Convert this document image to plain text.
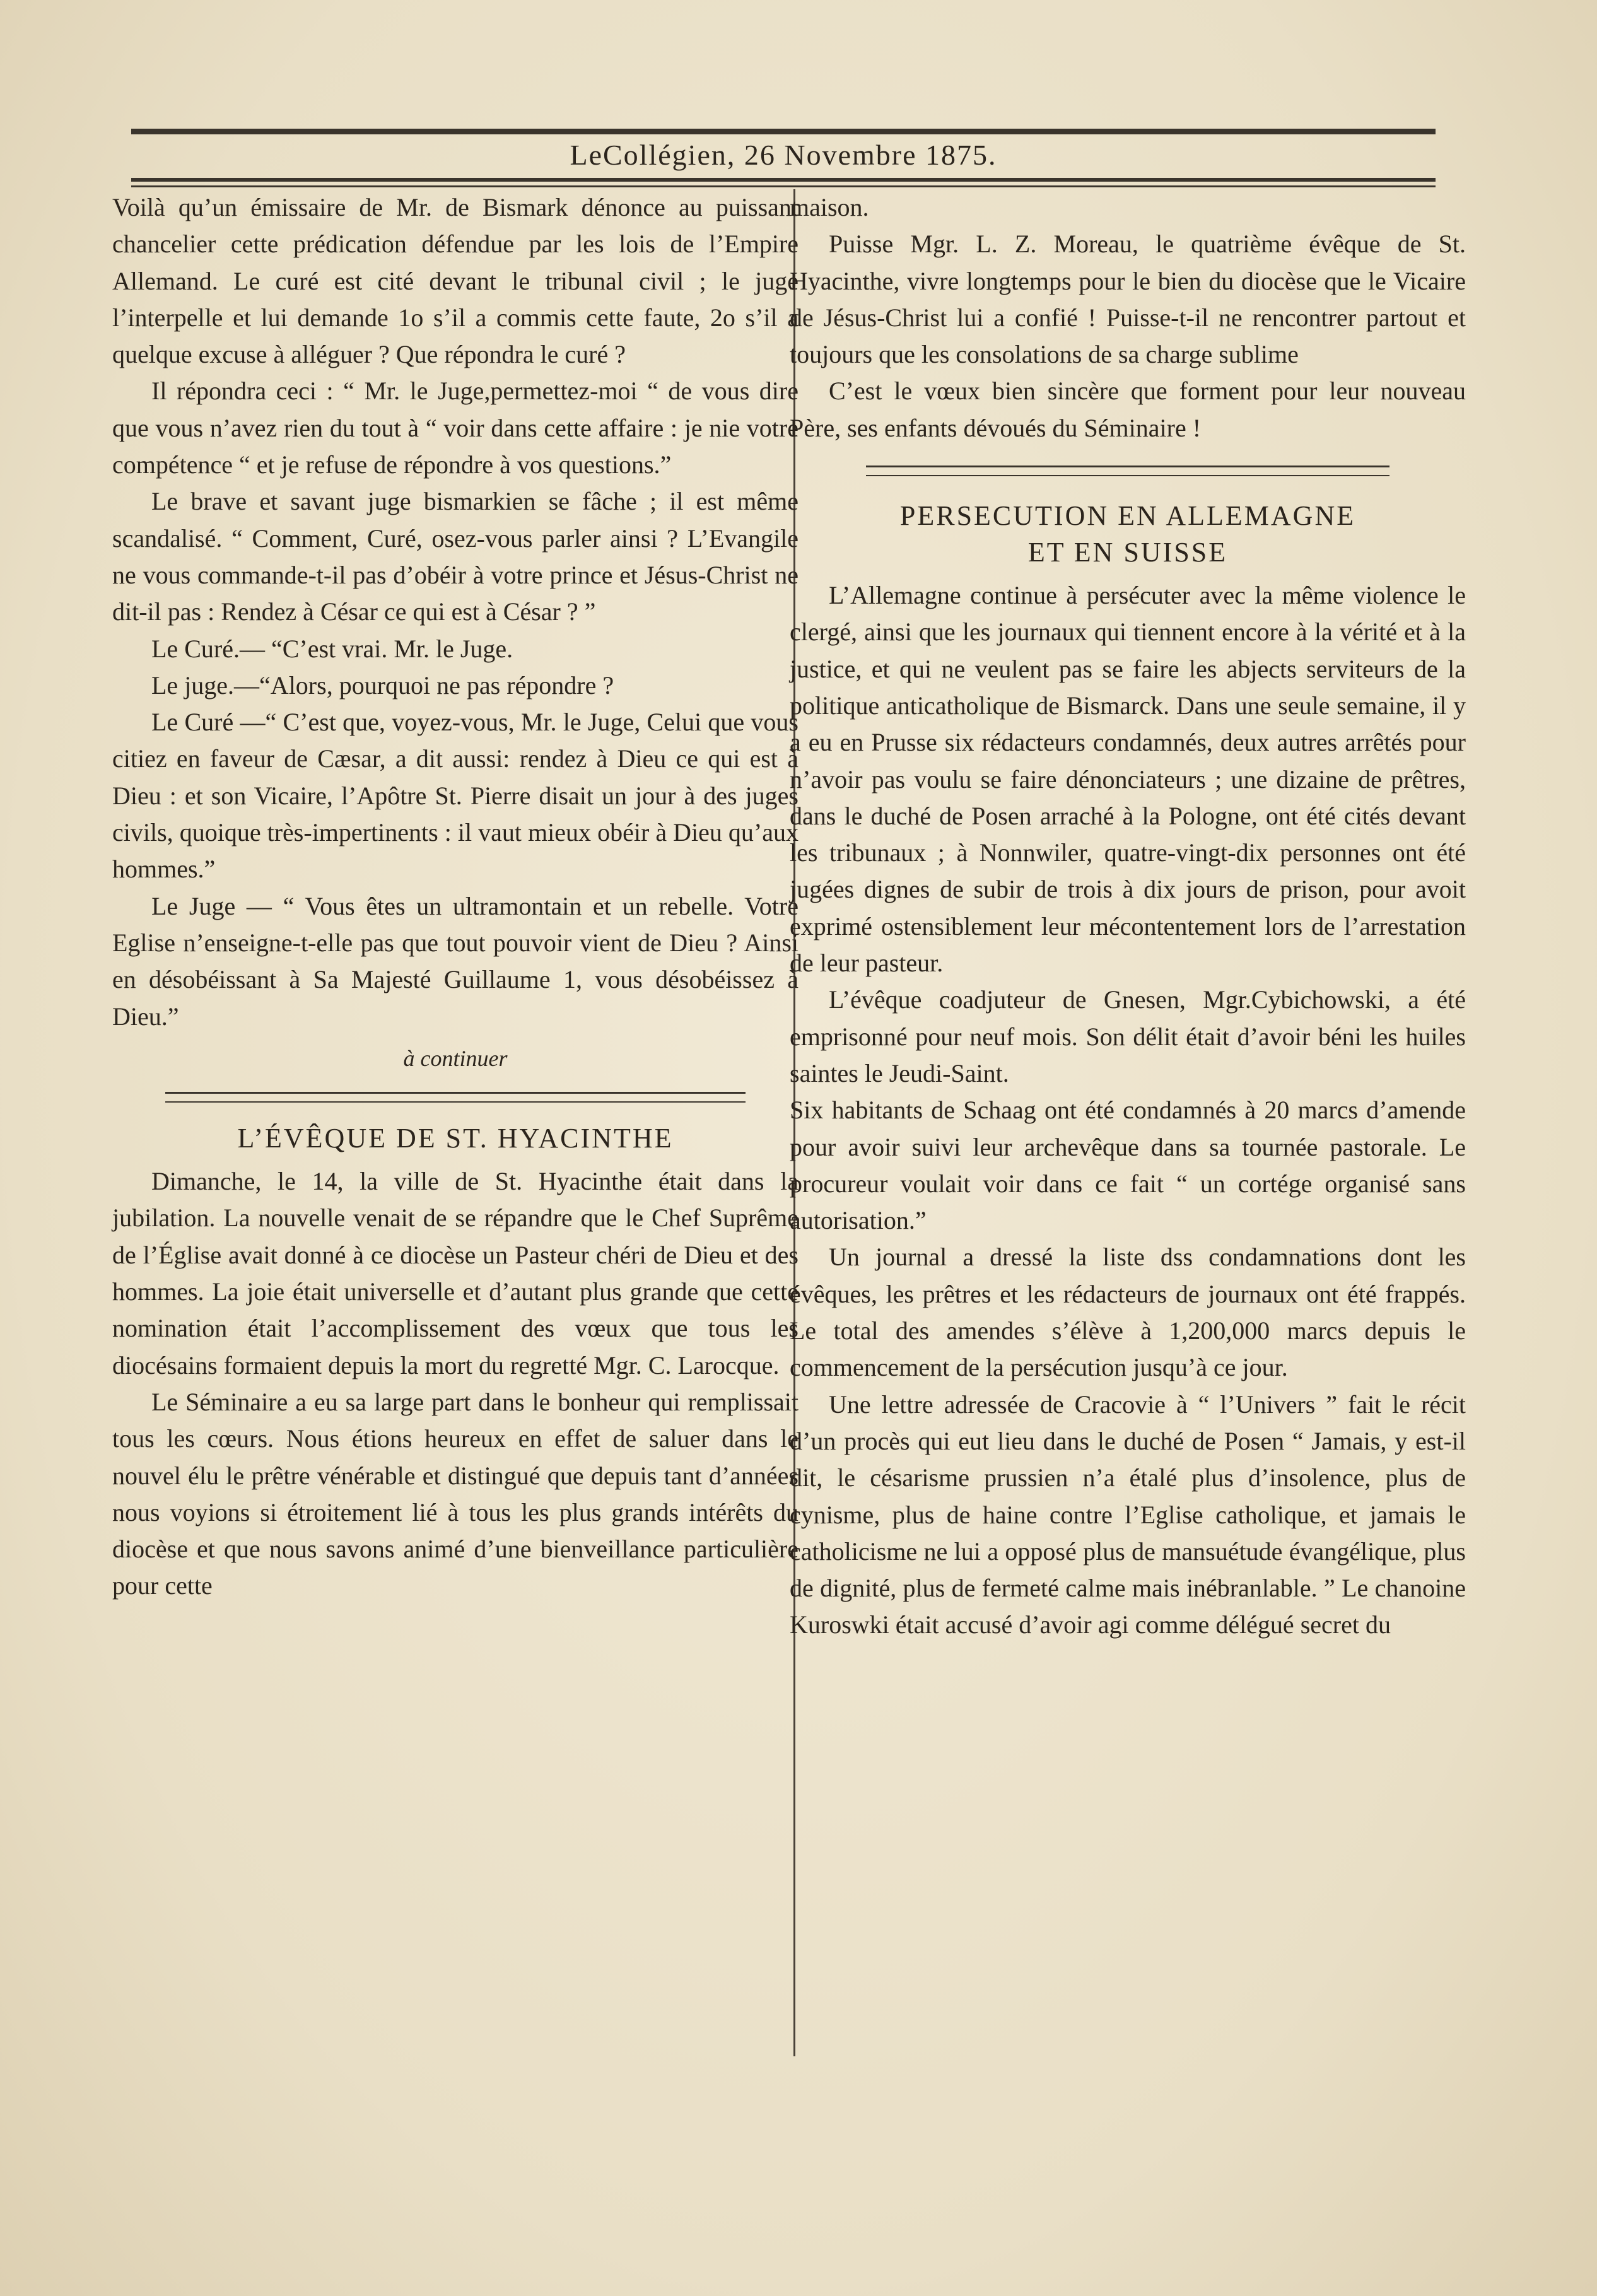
LeCollégien, 26 Novembre 1875.

Voilà qu’un émissaire de Mr. de Bismark dénonce au puissant chancelier cette prédication défendue par les lois de l’Empire Allemand. Le curé est cité devant le tribunal civil ; le juge l’interpelle et lui demande 1o s’il a commis cette faute, 2o s’il a quelque excuse à alléguer ? Que répondra le curé ?

Il répondra ceci : “ Mr. le Juge,permettez-moi “ de vous dire que vous n’avez rien du tout à “ voir dans cette affaire : je nie votre compétence “ et je refuse de répondre à vos questions.”

Le brave et savant juge bismarkien se fâche ; il est même scandalisé. “ Comment, Curé, osez-vous parler ainsi ? L’Evangile ne vous commande-t-il pas d’obéir à votre prince et Jésus-Christ ne dit-il pas : Rendez à César ce qui est à César ? ”

Le Curé.— “C’est vrai. Mr. le Juge.

Le juge.—“Alors, pourquoi ne pas répondre ?

Le Curé —“ C’est que, voyez-vous, Mr. le Juge, Celui que vous citiez en faveur de Cæsar, a dit aussi: rendez à Dieu ce qui est à Dieu : et son Vicaire, l’Apôtre St. Pierre disait un jour à des juges civils, quoique très-impertinents : il vaut mieux obéir à Dieu qu’aux hommes.”

Le Juge — “ Vous êtes un ultramontain et un rebelle. Votre Eglise n’enseigne-t-elle pas que tout pouvoir vient de Dieu ? Ainsi en désobéissant à Sa Majesté Guillaume 1, vous désobéissez à Dieu.”

à continuer

L’ÉVÊQUE DE ST. HYACINTHE

Dimanche, le 14, la ville de St. Hyacinthe était dans la jubilation. La nouvelle venait de se répandre que le Chef Suprême de l’Église avait donné à ce diocèse un Pasteur chéri de Dieu et des hommes. La joie était universelle et d’autant plus grande que cette nomination était l’accomplissement des vœux que tous les diocésains formaient depuis la mort du regretté Mgr. C. Larocque.

Le Séminaire a eu sa large part dans le bonheur qui remplissait tous les cœurs. Nous étions heureux en effet de saluer dans le nouvel élu le prêtre vénérable et distingué que depuis tant d’années nous voyions si étroitement lié à tous les plus grands intérêts du diocèse et que nous savons animé d’une bienveillance particulière pour cette

maison.

Puisse Mgr. L. Z. Moreau, le quatrième évêque de St. Hyacinthe, vivre longtemps pour le bien du diocèse que le Vicaire de Jésus-Christ lui a confié ! Puisse-t-il ne rencontrer partout et toujours que les consolations de sa charge sublime

C’est le vœux bien sincère que forment pour leur nouveau Père, ses enfants dévoués du Séminaire !

PERSECUTION EN ALLEMAGNE
ET EN SUISSE

L’Allemagne continue à persécuter avec la même violence le clergé, ainsi que les journaux qui tiennent encore à la vérité et à la justice, et qui ne veulent pas se faire les abjects serviteurs de la politique anticatholique de Bismarck. Dans une seule semaine, il y a eu en Prusse six rédacteurs condamnés, deux autres arrêtés pour n’avoir pas voulu se faire dénonciateurs ; une dizaine de prêtres, dans le duché de Posen arraché à la Pologne, ont été cités devant les tribunaux ; à Nonnwiler, quatre-vingt-dix personnes ont été jugées dignes de subir de trois à dix jours de prison, pour avoit exprimé ostensiblement leur mécontentement lors de l’arrestation de leur pasteur.

L’évêque coadjuteur de Gnesen, Mgr.Cybichowski, a été emprisonné pour neuf mois. Son délit était d’avoir béni les huiles saintes le Jeudi-Saint.

Six habitants de Schaag ont été condamnés à 20 marcs d’amende pour avoir suivi leur archevêque dans sa tournée pastorale. Le procureur voulait voir dans ce fait “ un cortége organisé sans autorisation.”

Un journal a dressé la liste dss condamnations dont les évêques, les prêtres et les rédacteurs de journaux ont été frappés. Le total des amendes s’élève à 1,200,000 marcs depuis le commencement de la persécution jusqu’à ce jour.

Une lettre adressée de Cracovie à “ l’Univers ” fait le récit d’un procès qui eut lieu dans le duché de Posen “ Jamais, y est-il dit, le césarisme prussien n’a étalé plus d’insolence, plus de cynisme, plus de haine contre l’Eglise catholique, et jamais le catholicisme ne lui a opposé plus de mansuétude évangélique, plus de dignité, plus de fermeté calme mais inébranlable. ” Le chanoine Kuroswki était accusé d’avoir agi comme délégué secret du
